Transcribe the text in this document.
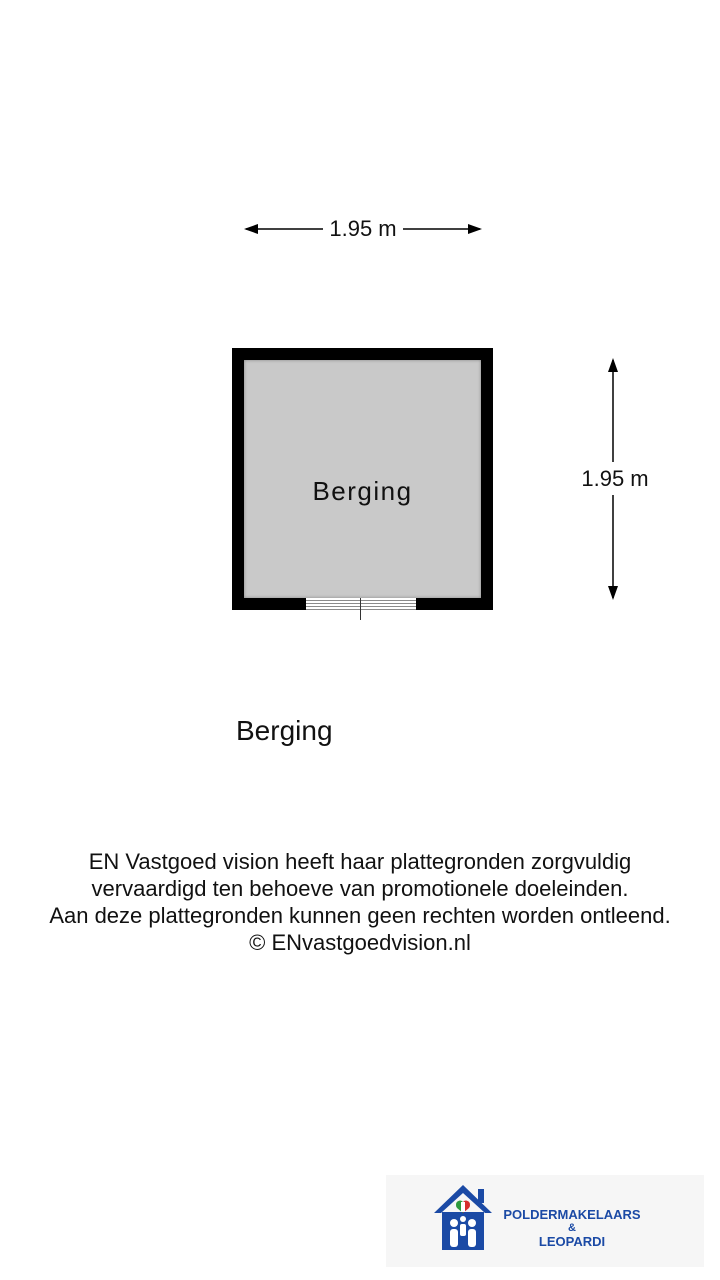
1.95 m
1.95 m
Berging
Berging
EN Vastgoed vision heeft haar plattegronden zorgvuldig
vervaardigd ten behoeve van promotionele doeleinden.
Aan deze plattegronden kunnen geen rechten worden ontleend.
© ENvastgoedvision.nl
POLDERMAKELAARS
&
LEOPARDI
